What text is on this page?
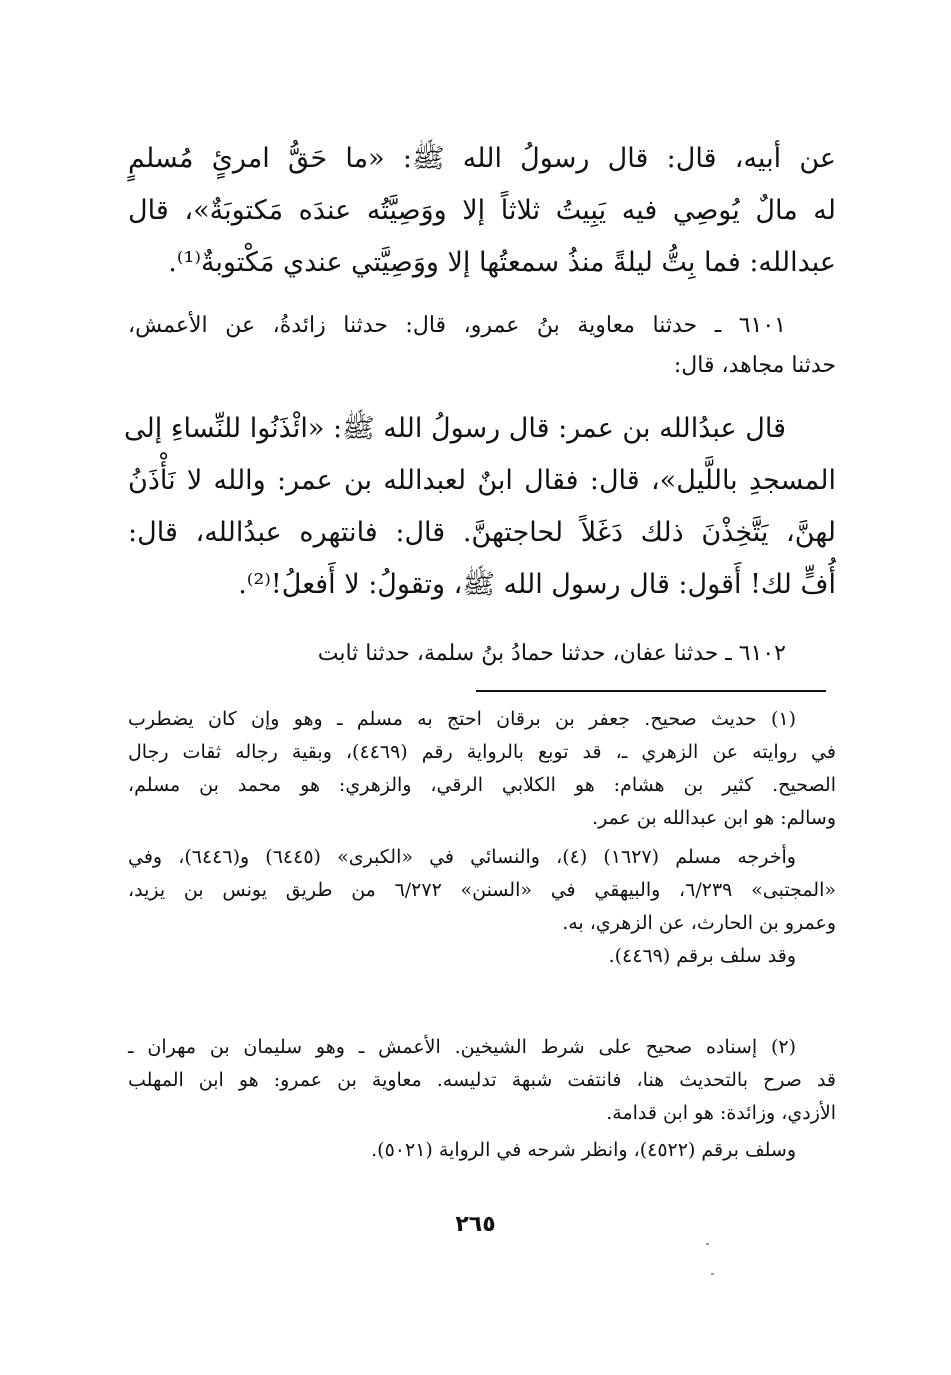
عن أبيه، قال: قال رسولُ الله ﷺ: «ما حَقُّ امرئٍ مُسلمٍ
له مالٌ يُوصِي فيه يَبِيتُ ثلاثاً إلا ووَصِيَّتُه عندَه مَكتوبَةٌ»، قال
عبدالله: فما بِتُّ ليلةً منذُ سمعتُها إلا ووَصِيَّتي عندي مَكْتوبةٌ⁽¹⁾.
٦١٠١ ـ حدثنا معاوية بنُ عمرو، قال: حدثنا زائدةُ، عن الأعمش،
حدثنا مجاهد، قال:
قال عبدُالله بن عمر: قال رسولُ الله ﷺ: «ائْذَنُوا للنِّساءِ إلى
المسجدِ باللَّيل»، قال: فقال ابنٌ لعبدالله بن عمر: والله لا نَأْذَنُ
لهنَّ، يَتَّخِذْنَ ذلك دَغَلاً لحاجتهنَّ. قال: فانتهره عبدُالله، قال:
أُفٍّ لك! أَقول: قال رسول الله ﷺ، وتقولُ: لا أَفعلُ!⁽²⁾.
٦١٠٢ ـ حدثنا عفان، حدثنا حمادُ بنُ سلمة، حدثنا ثابت
(١) حديث صحيح. جعفر بن برقان احتج به مسلم ـ وهو وإن كان يضطرب
في روايته عن الزهري ـ، قد توبع بالرواية رقم (٤٤٦٩)، وبقية رجاله ثقات رجال
الصحيح. كثير بن هشام: هو الكلابي الرقي، والزهري: هو محمد بن مسلم،
وسالم: هو ابن عبدالله بن عمر.
وأخرجه مسلم (١٦٢٧) (٤)، والنسائي في «الكبرى» (٦٤٤٥) و(٦٤٤٦)، وفي
«المجتبى» ٦/٢٣٩، والبيهقي في «السنن» ٦/٢٧٢ من طريق يونس بن يزيد،
وعمرو بن الحارث، عن الزهري، به.
وقد سلف برقم (٤٤٦٩).
(٢) إسناده صحيح على شرط الشيخين. الأعمش ـ وهو سليمان بن مهران ـ
قد صرح بالتحديث هنا، فانتفت شبهة تدليسه. معاوية بن عمرو: هو ابن المهلب
الأزدي، وزائدة: هو ابن قدامة.
وسلف برقم (٤٥٢٢)، وانظر شرحه في الرواية (٥٠٢١).
٢٦٥
